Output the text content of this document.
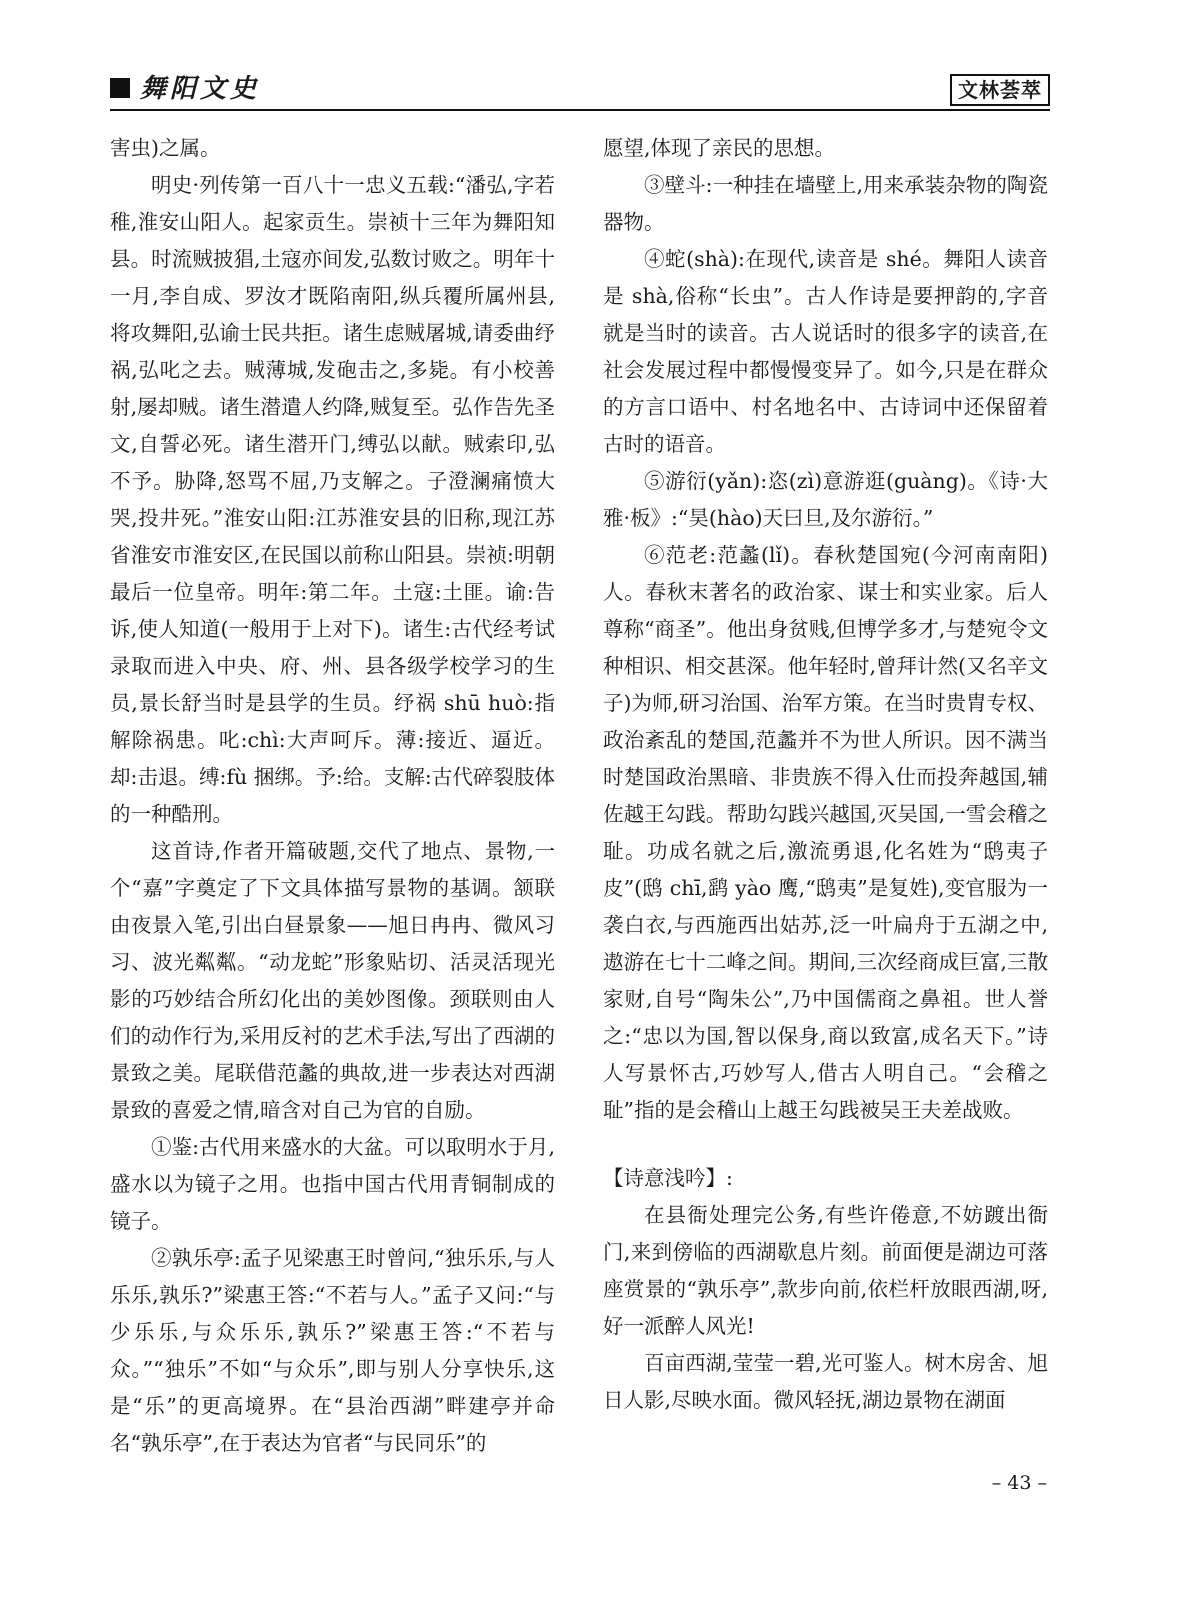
舞阳文史	文林荟萃

害虫)之属。

明史·列传第一百八十一忠义五载:“潘弘,字若稚,淮安山阳人。起家贡生。崇祯十三年为舞阳知县。时流贼披猖,土寇亦间发,弘数讨败之。明年十一月,李自成、罗汝才既陷南阳,纵兵覆所属州县,将攻舞阳,弘谕士民共拒。诸生虑贼屠城,请委曲纾祸,弘叱之去。贼薄城,发砲击之,多毙。有小校善射,屡却贼。诸生潜遣人约降,贼复至。弘作告先圣文,自誓必死。诸生潜开门,缚弘以献。贼索印,弘不予。胁降,怒骂不屈,乃支解之。子澄澜痛愤大哭,投井死。”淮安山阳:江苏淮安县的旧称,现江苏省淮安市淮安区,在民国以前称山阳县。崇祯:明朝最后一位皇帝。明年:第二年。土寇:土匪。谕:告诉,使人知道(一般用于上对下)。诸生:古代经考试录取而进入中央、府、州、县各级学校学习的生员,景长舒当时是县学的生员。纾祸 shū huò:指解除祸患。叱:chì:大声呵斥。薄:接近、逼近。却:击退。缚:fù 捆绑。予:给。支解:古代碎裂肢体的一种酷刑。

这首诗,作者开篇破题,交代了地点、景物,一个“嘉”字奠定了下文具体描写景物的基调。颔联由夜景入笔,引出白昼景象——旭日冉冉、微风习习、波光粼粼。“动龙蛇”形象贴切、活灵活现光影的巧妙结合所幻化出的美妙图像。颈联则由人们的动作行为,采用反衬的艺术手法,写出了西湖的景致之美。尾联借范蠡的典故,进一步表达对西湖景致的喜爱之情,暗含对自己为官的自励。

①鉴:古代用来盛水的大盆。可以取明水于月,盛水以为镜子之用。也指中国古代用青铜制成的镜子。

②孰乐亭:孟子见梁惠王时曾问,“独乐乐,与人乐乐,孰乐?”梁惠王答:“不若与人。”孟子又问:“与少乐乐,与众乐乐,孰乐?”梁惠王答:“不若与众。”“独乐”不如“与众乐”,即与别人分享快乐,这是“乐”的更高境界。在“县治西湖”畔建亭并命名“孰乐亭”,在于表达为官者“与民同乐”的

愿望,体现了亲民的思想。

③壁斗:一种挂在墙壁上,用来承装杂物的陶瓷器物。

④蛇(shà):在现代,读音是 shé。舞阳人读音是 shà,俗称“长虫”。古人作诗是要押韵的,字音就是当时的读音。古人说话时的很多字的读音,在社会发展过程中都慢慢变异了。如今,只是在群众的方言口语中、村名地名中、古诗词中还保留着古时的语音。

⑤游衍(yǎn):恣(zì)意游逛(guàng)。《诗·大雅·板》:“昊(hào)天曰旦,及尔游衍。”

⑥范老:范蠡(lǐ)。春秋楚国宛(今河南南阳)人。春秋末著名的政治家、谋士和实业家。后人尊称“商圣”。他出身贫贱,但博学多才,与楚宛令文种相识、相交甚深。他年轻时,曾拜计然(又名辛文子)为师,研习治国、治军方策。在当时贵胄专权、政治紊乱的楚国,范蠡并不为世人所识。因不满当时楚国政治黑暗、非贵族不得入仕而投奔越国,辅佐越王勾践。帮助勾践兴越国,灭吴国,一雪会稽之耻。功成名就之后,激流勇退,化名姓为“鸱夷子皮”(鸱 chī,鹞 yào 鹰,“鸱夷”是复姓),变官服为一袭白衣,与西施西出姑苏,泛一叶扁舟于五湖之中,遨游在七十二峰之间。期间,三次经商成巨富,三散家财,自号“陶朱公”,乃中国儒商之鼻祖。世人誉之:“忠以为国,智以保身,商以致富,成名天下。”诗人写景怀古,巧妙写人,借古人明自己。“会稽之耻”指的是会稽山上越王勾践被吴王夫差战败。

【诗意浅吟】:

在县衙处理完公务,有些许倦意,不妨踱出衙门,来到傍临的西湖歇息片刻。前面便是湖边可落座赏景的“孰乐亭”,款步向前,依栏杆放眼西湖,呀,好一派醉人风光!

百亩西湖,莹莹一碧,光可鉴人。树木房舍、旭日人影,尽映水面。微风轻抚,湖边景物在湖面

– 43 –
